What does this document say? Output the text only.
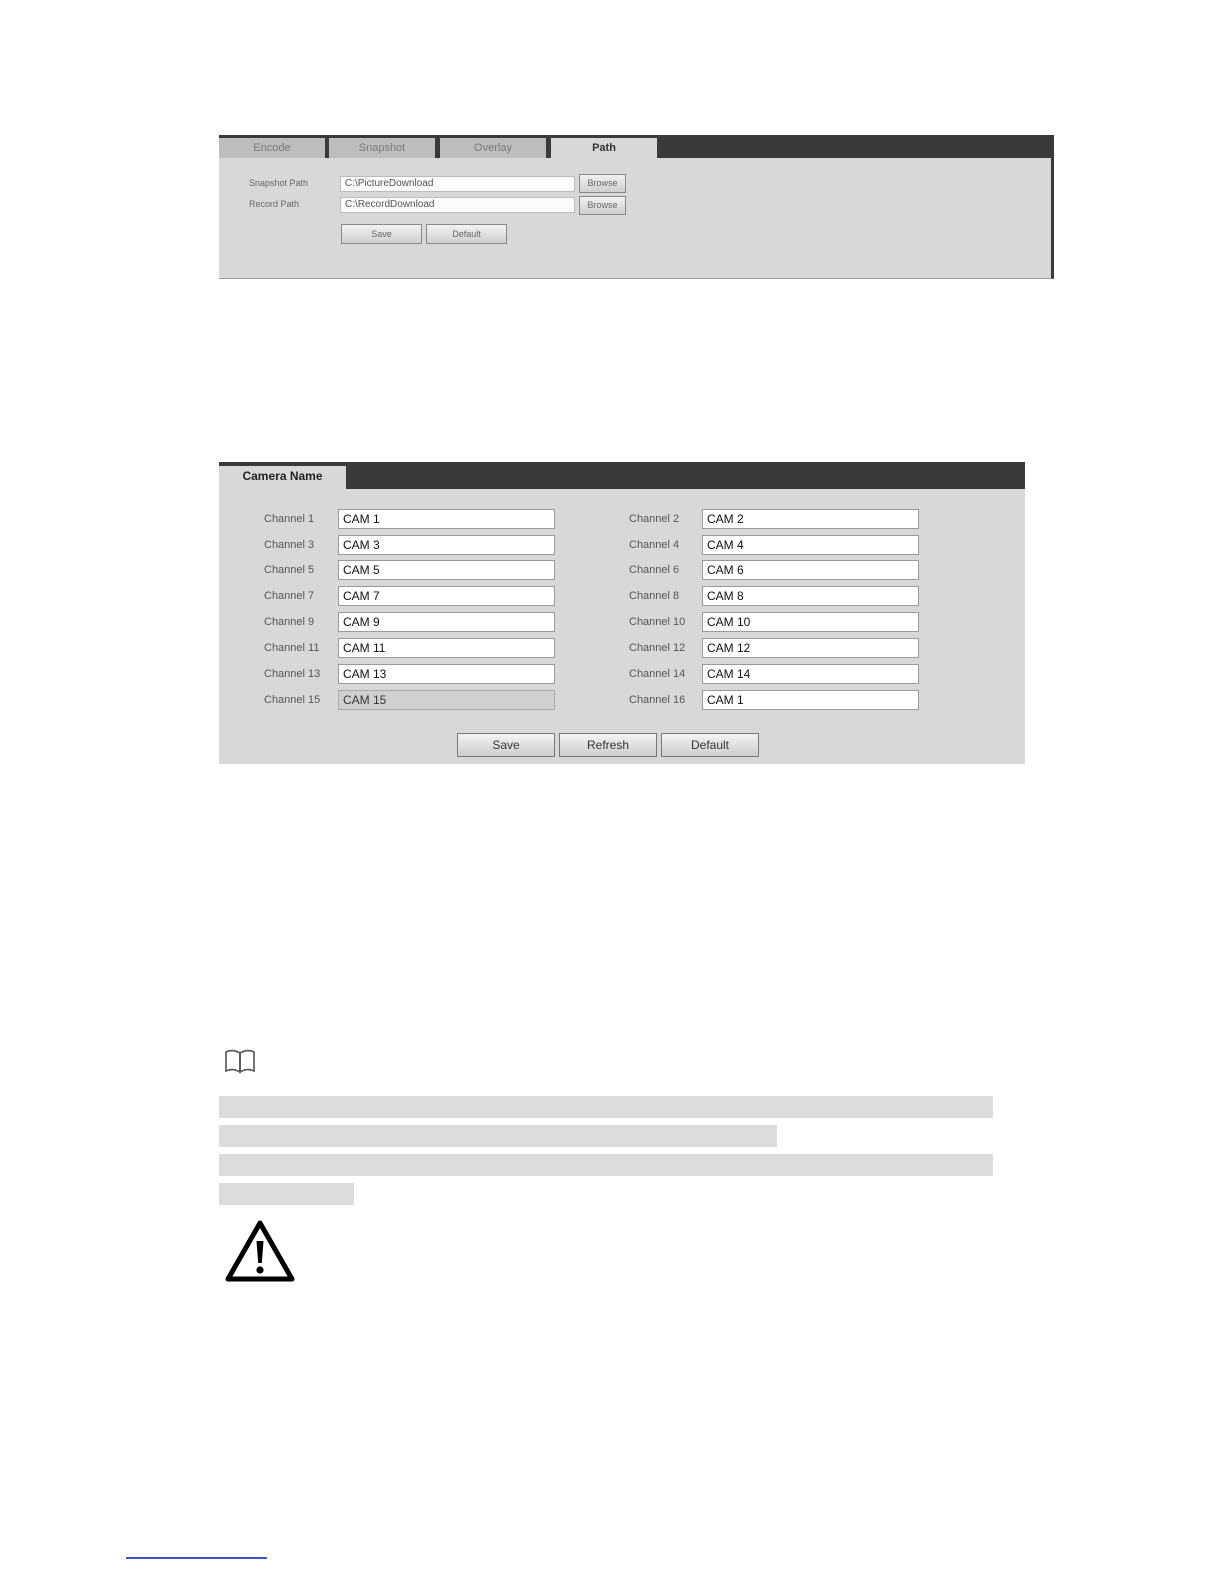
Encode	Snapshot	Overlay	Path
Snapshot Path	C:\PictureDownload	Browse
Record Path	C:\RecordDownload	Browse
Save	Default
Camera Name
Channel 1	CAM 1	Channel 2	CAM 2
Channel 3	CAM 3	Channel 4	CAM 4
Channel 5	CAM 5	Channel 6	CAM 6
Channel 7	CAM 7	Channel 8	CAM 8
Channel 9	CAM 9	Channel 10	CAM 10
Channel 11	CAM 11	Channel 12	CAM 12
Channel 13	CAM 13	Channel 14	CAM 14
Channel 15	CAM 15	Channel 16	CAM 1
Save	Refresh	Default
